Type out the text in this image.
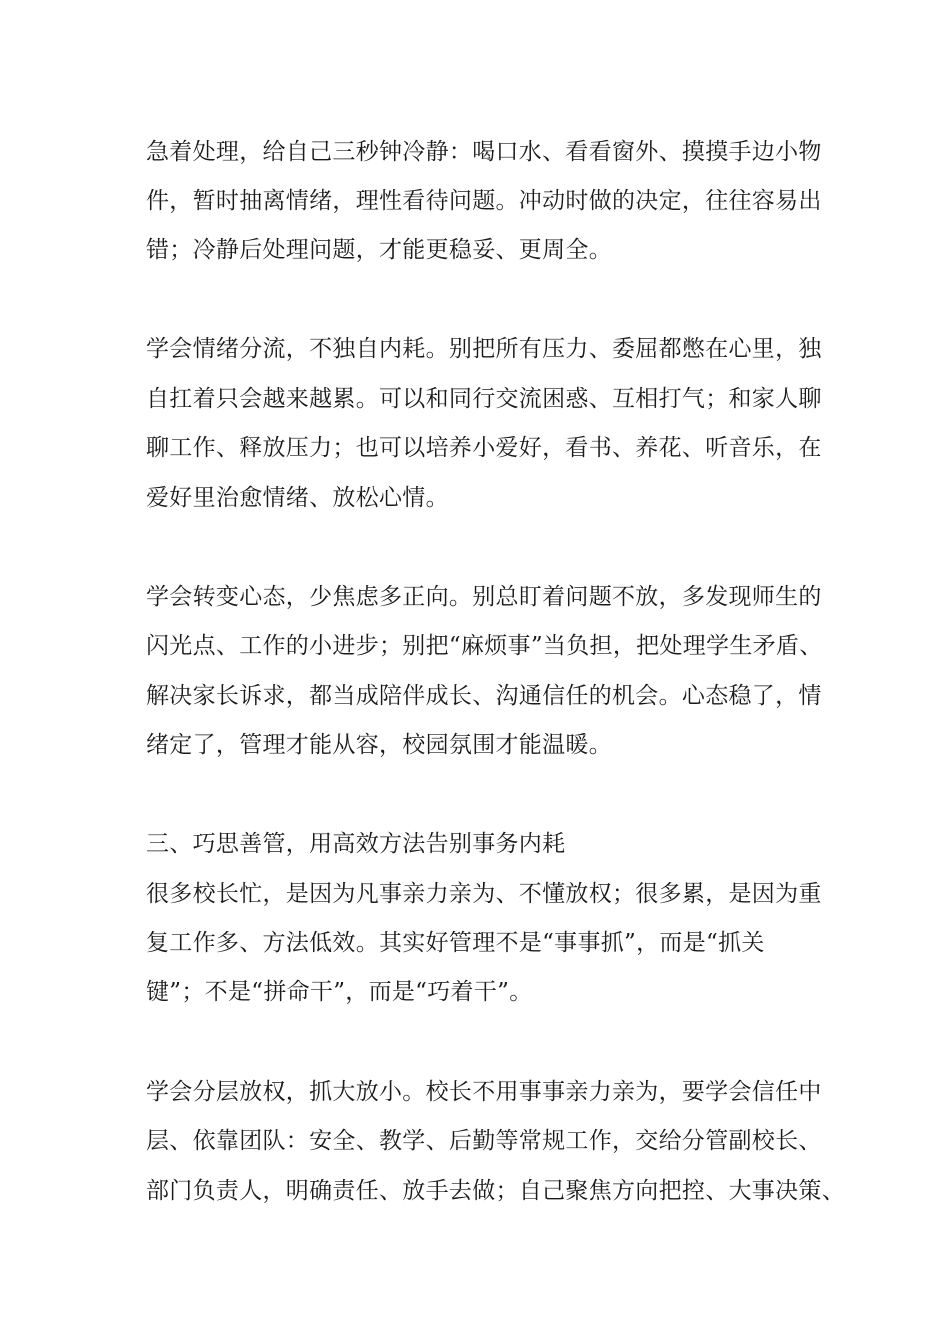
急着处理，给自己三秒钟冷静：喝口水、看看窗外、摸摸手边小物
件，暂时抽离情绪，理性看待问题。冲动时做的决定，往往容易出
错；冷静后处理问题，才能更稳妥、更周全。
学会情绪分流，不独自内耗。别把所有压力、委屈都憋在心里，独
自扛着只会越来越累。可以和同行交流困惑、互相打气；和家人聊
聊工作、释放压力；也可以培养小爱好，看书、养花、听音乐，在
爱好里治愈情绪、放松心情。
学会转变心态，少焦虑多正向。别总盯着问题不放，多发现师生的
闪光点、工作的小进步；别把“麻烦事”当负担，把处理学生矛盾、
解决家长诉求，都当成陪伴成长、沟通信任的机会。心态稳了，情
绪定了，管理才能从容，校园氛围才能温暖。
三、巧思善管，用高效方法告别事务内耗
很多校长忙，是因为凡事亲力亲为、不懂放权；很多累，是因为重
复工作多、方法低效。其实好管理不是“事事抓”，而是“抓关
键”；不是“拼命干”，而是“巧着干”。
学会分层放权，抓大放小。校长不用事事亲力亲为，要学会信任中
层、依靠团队：安全、教学、后勤等常规工作，交给分管副校长、
部门负责人，明确责任、放手去做；自己聚焦方向把控、大事决策、
